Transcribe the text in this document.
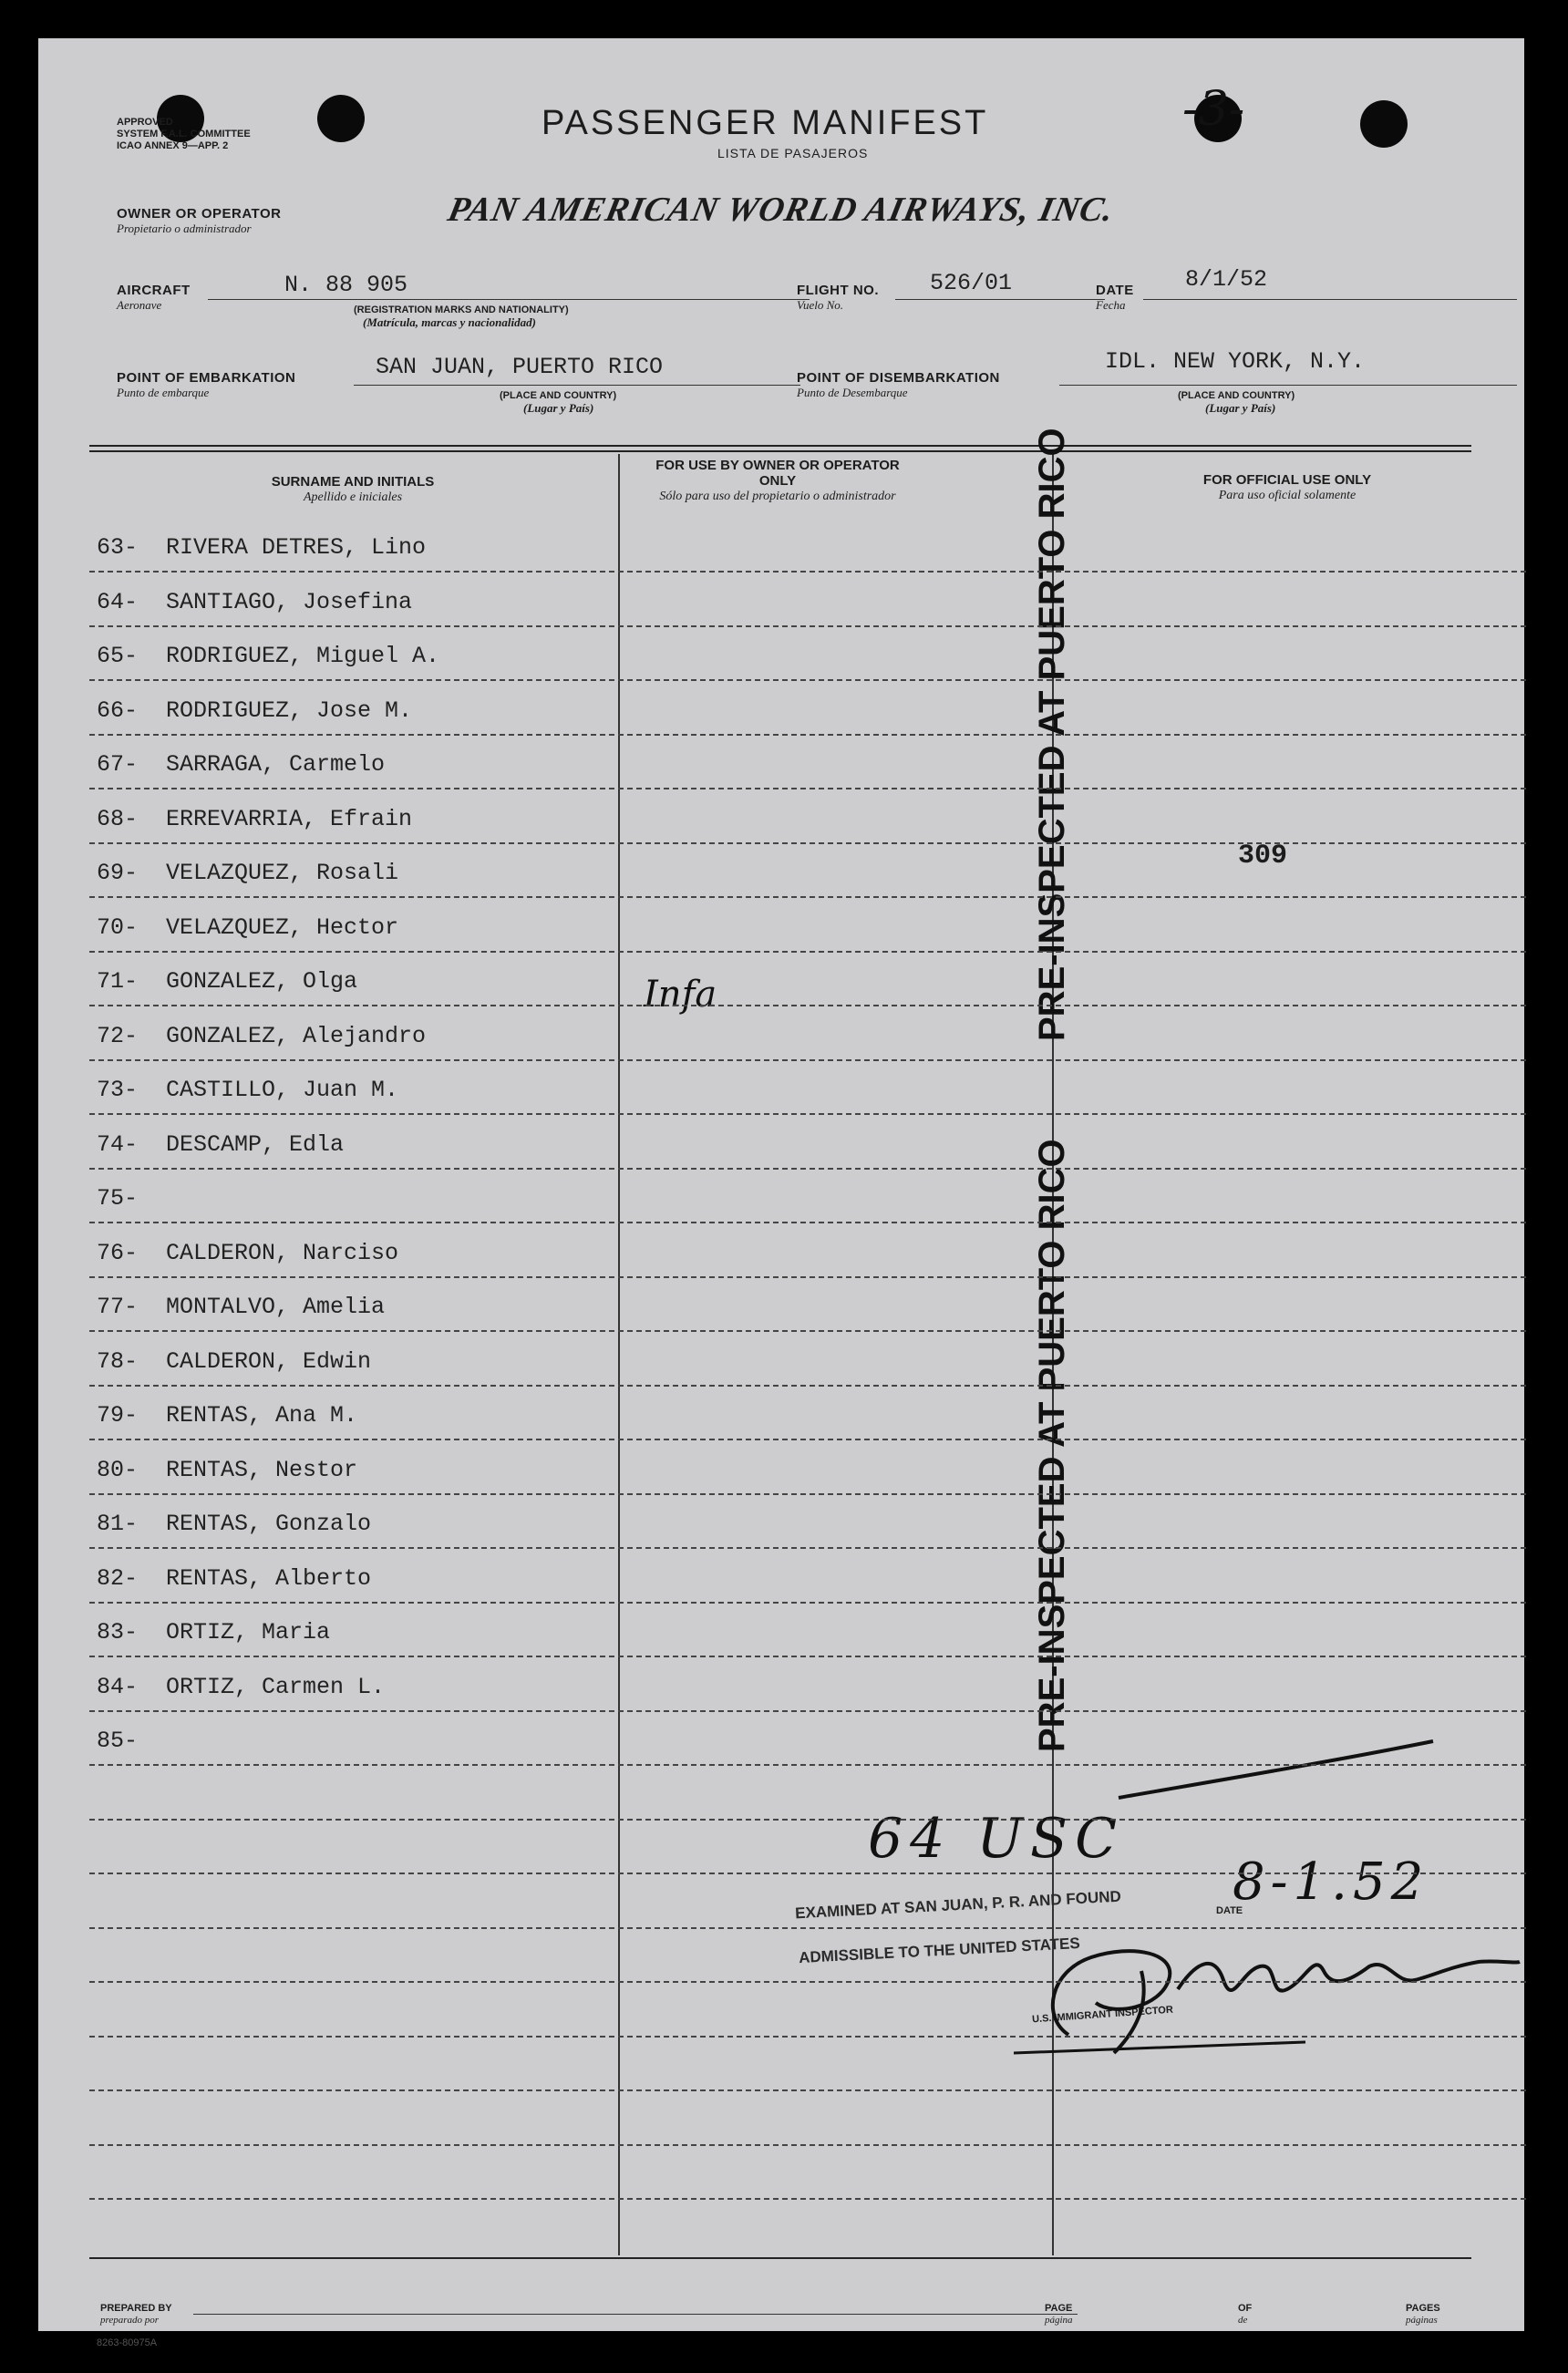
-3-
APPROVED
SYSTEM F.A.L. COMMITTEE
ICAO ANNEX 9—APP. 2
PASSENGER MANIFEST
LISTA DE PASAJEROS
OWNER OR OPERATOR
Propietario o administrador	PAN AMERICAN WORLD AIRWAYS, INC.
AIRCRAFT
Aeronave
N. 88 905
(REGISTRATION MARKS AND NATIONALITY)
(Matrícula, marcas y nacionalidad)
FLIGHT NO.
Vuelo No.
526/01	DATE
Fecha
8/1/52
POINT OF EMBARKATION
Punto de embarque
SAN JUAN, PUERTO RICO
(PLACE AND COUNTRY)
(Lugar y País)
POINT OF DISEMBARKATION
Punto de Desembarque
IDL. NEW YORK, N.Y.
(PLACE AND COUNTRY)
(Lugar y País)
SURNAME AND INITIALS
Apellido e iniciales
FOR USE BY OWNER OR OPERATOR ONLY
Sólo para uso del propietario o administrador
FOR OFFICIAL USE ONLY
Para uso oficial solamente
PRE-INSPECTED AT PUERTO RICO
PRE-INSPECTED AT PUERTO RICO
Infa
309
64 USC
EXAMINED AT SAN JUAN, P. R. AND FOUND
ADMISSIBLE TO THE UNITED STATES
DATE
8-1.52
U.S. IMMIGRANT INSPECTOR
PREPARED BY
preparado por
PAGE
página
OF
de
PAGES
páginas
8263-80975A
63- RIVERA DETRES, Lino
64- SANTIAGO, Josefina
65- RODRIGUEZ, Miguel A.
66- RODRIGUEZ, Jose M.
67- SARRAGA, Carmelo
68- ERREVARRIA, Efrain
69- VELAZQUEZ, Rosali
70- VELAZQUEZ, Hector
71- GONZALEZ, Olga
72- GONZALEZ, Alejandro
73- CASTILLO, Juan M.
74- DESCAMP, Edla
75-
76- CALDERON, Narciso
77- MONTALVO, Amelia
78- CALDERON, Edwin
79- RENTAS, Ana M.
80- RENTAS, Nestor
81- RENTAS, Gonzalo
82- RENTAS, Alberto
83- ORTIZ, Maria
84- ORTIZ, Carmen L.
85-
